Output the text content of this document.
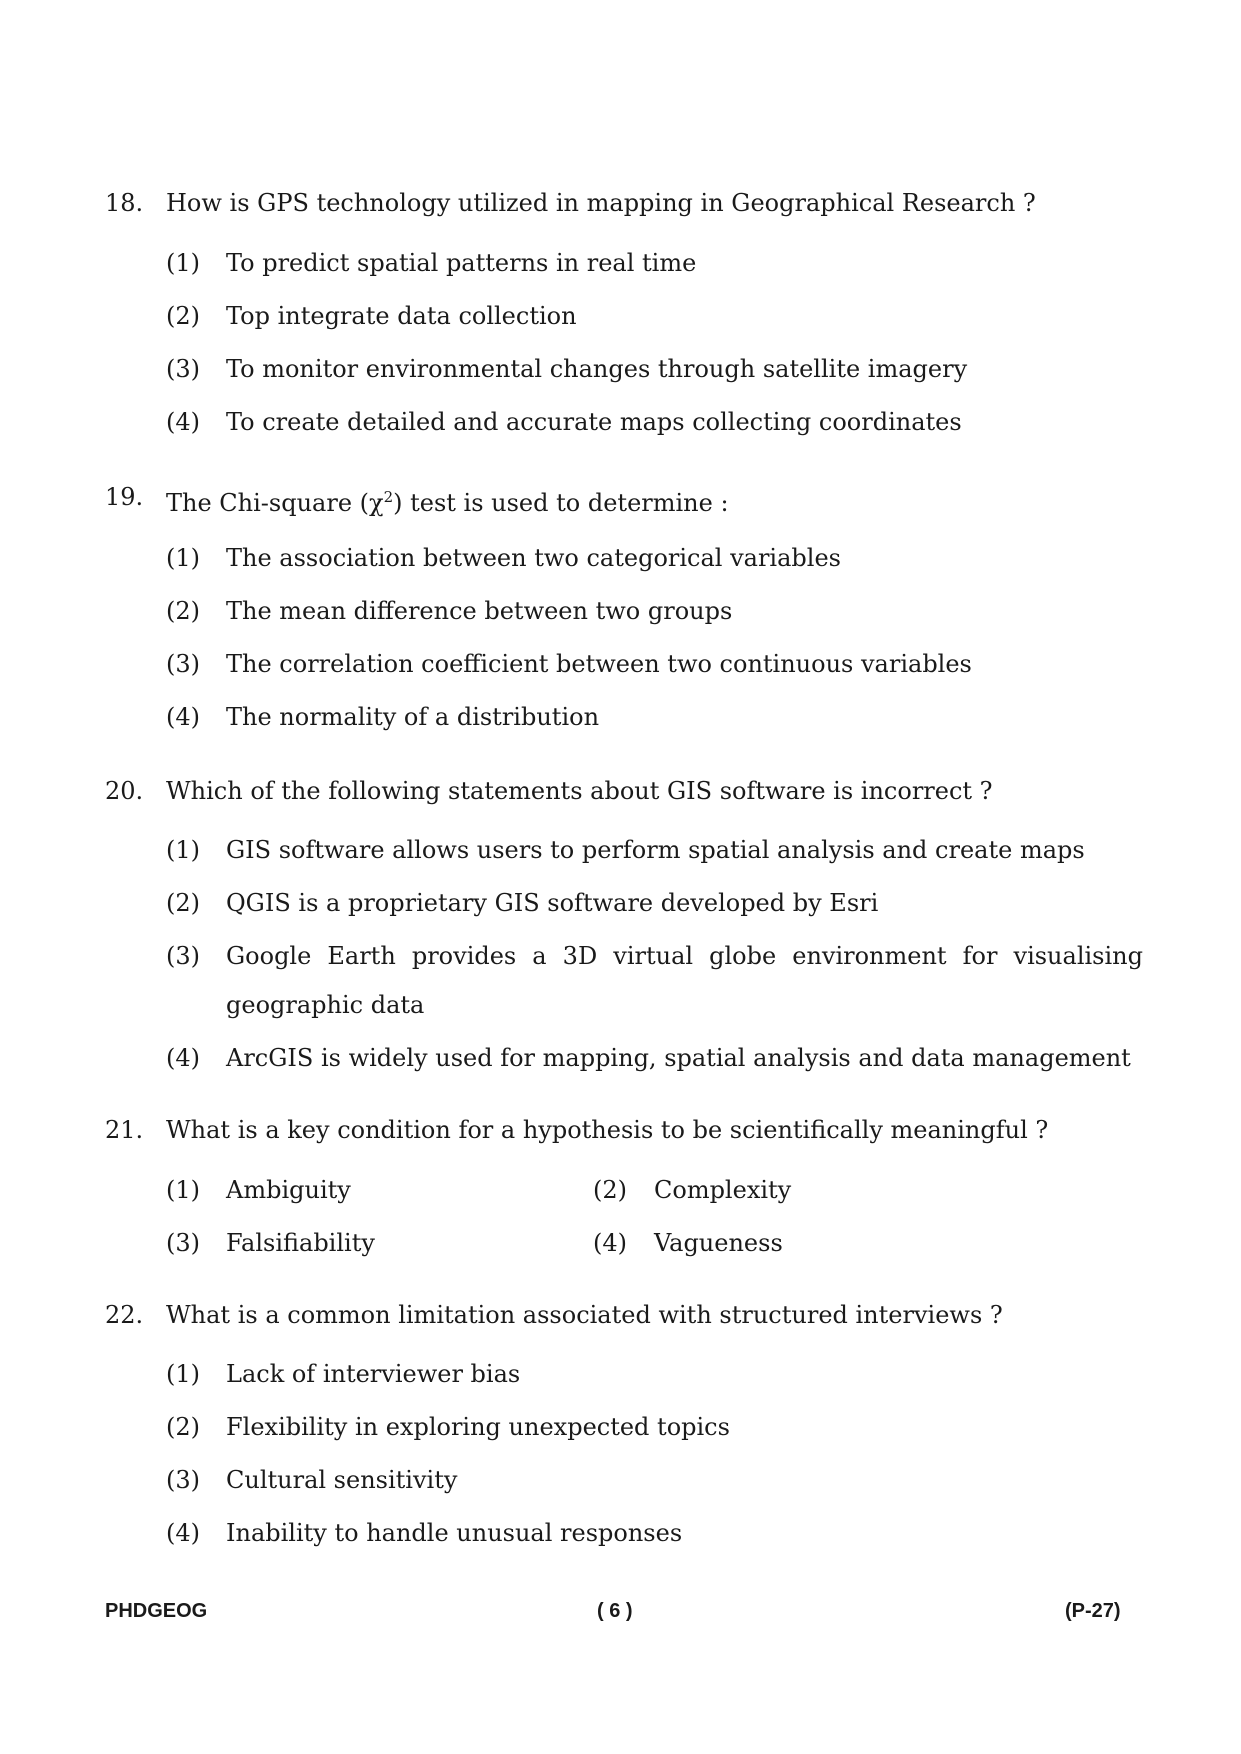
18. How is GPS technology utilized in mapping in Geographical Research ?
(1) To predict spatial patterns in real time
(2) Top integrate data collection
(3) To monitor environmental changes through satellite imagery
(4) To create detailed and accurate maps collecting coordinates
19. The Chi-square $(\chi^2)$ test is used to determine :
(1) The association between two categorical variables
(2) The mean difference between two groups
(3) The correlation coefficient between two continuous variables
(4) The normality of a distribution
20. Which of the following statements about GIS software is incorrect ?
(1) GIS software allows users to perform spatial analysis and create maps
(2) QGIS is a proprietary GIS software developed by Esri
(3) Google Earth provides a 3D virtual globe environment for visualising
geographic data
(4) ArcGIS is widely used for mapping, spatial analysis and data management
21. What is a key condition for a hypothesis to be scientifically meaningful ?
(1) Ambiguity	(2) Complexity
(3) Falsifiability	(4) Vagueness
22. What is a common limitation associated with structured interviews ?
(1) Lack of interviewer bias
(2) Flexibility in exploring unexpected topics
(3) Cultural sensitivity
(4) Inability to handle unusual responses
PHDGEOG	( 6 )	(P-27)
